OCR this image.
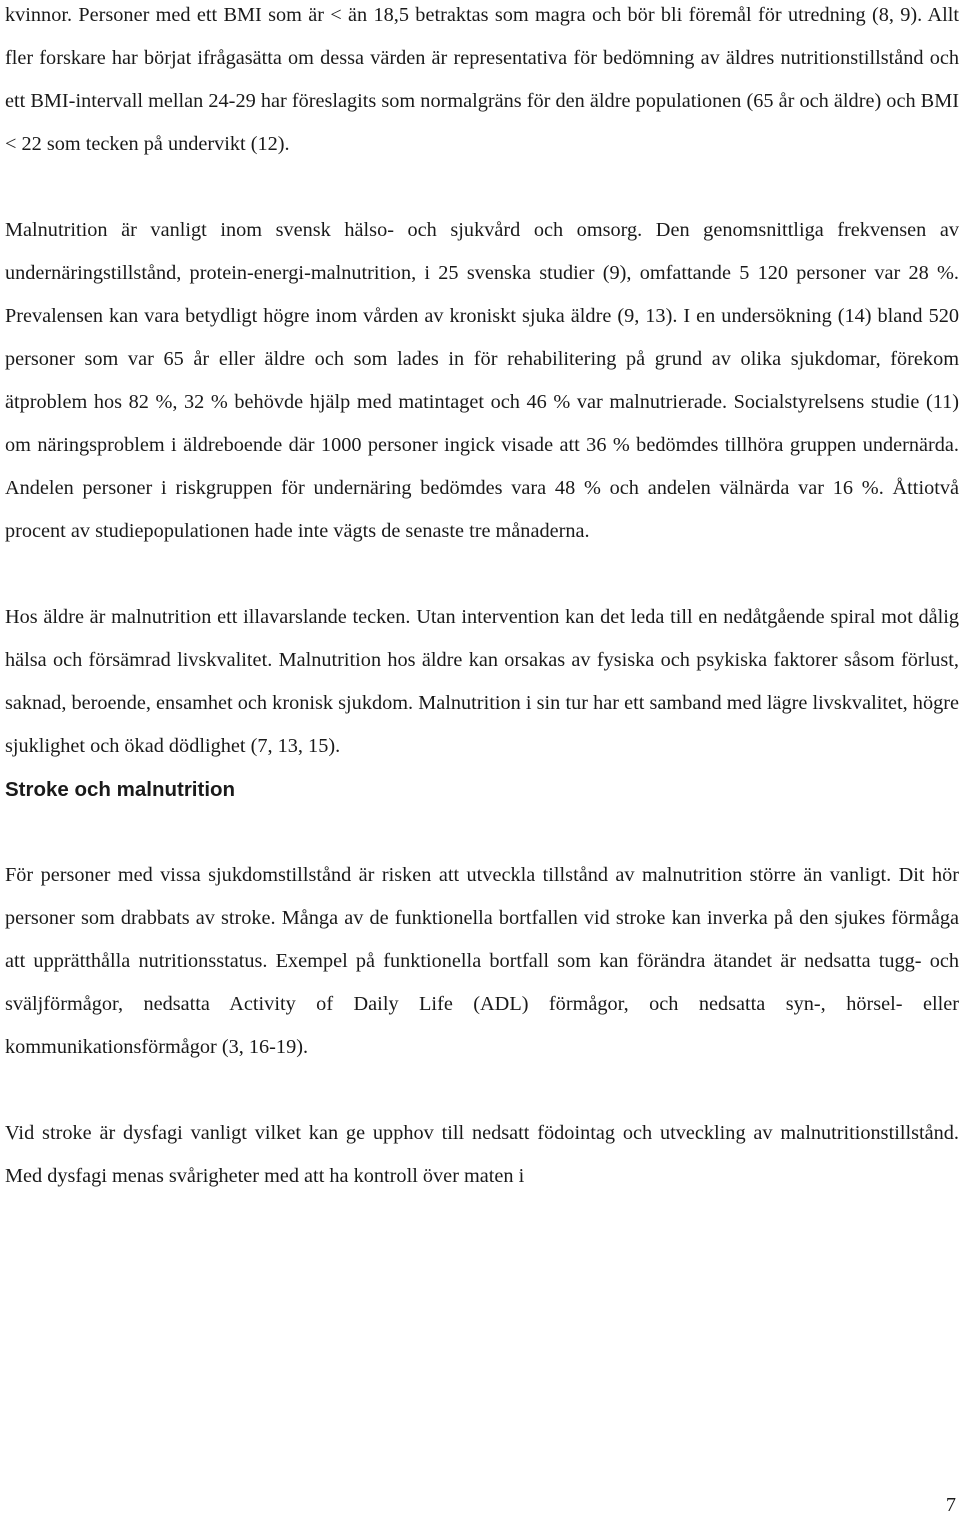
kvinnor. Personer med ett BMI som är < än 18,5 betraktas som magra och bör bli föremål för utredning (8, 9). Allt fler forskare har börjat ifrågasätta om dessa värden är representativa för bedömning av äldres nutritionstillstånd och ett BMI-intervall mellan 24-29 har föreslagits som normalgräns för den äldre populationen (65 år och äldre) och BMI < 22 som tecken på undervikt (12).

Malnutrition är vanligt inom svensk hälso- och sjukvård och omsorg. Den genomsnittliga frekvensen av undernäringstillstånd, protein-energi-malnutrition, i 25 svenska studier (9), omfattande 5 120 personer var 28 %. Prevalensen kan vara betydligt högre inom vården av kroniskt sjuka äldre (9, 13). I en undersökning (14) bland 520 personer som var 65 år eller äldre och som lades in för rehabilitering på grund av olika sjukdomar, förekom ätproblem hos 82 %, 32 % behövde hjälp med matintaget och 46 % var malnutrierade. Socialstyrelsens studie (11) om näringsproblem i äldreboende där 1000 personer ingick visade att 36 % bedömdes tillhöra gruppen undernärda. Andelen personer i riskgruppen för undernäring bedömdes vara 48 % och andelen välnärda var 16 %. Åttiotvå procent av studiepopulationen hade inte vägts de senaste tre månaderna.

Hos äldre är malnutrition ett illavarslande tecken. Utan intervention kan det leda till en nedåtgående spiral mot dålig hälsa och försämrad livskvalitet. Malnutrition hos äldre kan orsakas av fysiska och psykiska faktorer såsom förlust, saknad, beroende, ensamhet och kronisk sjukdom. Malnutrition i sin tur har ett samband med lägre livskvalitet, högre sjuklighet och ökad dödlighet (7, 13, 15).

Stroke och malnutrition

För personer med vissa sjukdomstillstånd är risken att utveckla tillstånd av malnutrition större än vanligt. Dit hör personer som drabbats av stroke. Många av de funktionella bortfallen vid stroke kan inverka på den sjukes förmåga att upprätthålla nutritionsstatus. Exempel på funktionella bortfall som kan förändra ätandet är nedsatta tugg- och sväljförmågor, nedsatta Activity of Daily Life (ADL) förmågor, och nedsatta syn-, hörsel- eller kommunikationsförmågor (3, 16-19).

Vid stroke är dysfagi vanligt vilket kan ge upphov till nedsatt födointag och utveckling av malnutritionstillstånd. Med dysfagi menas svårigheter med att ha kontroll över maten i

7
